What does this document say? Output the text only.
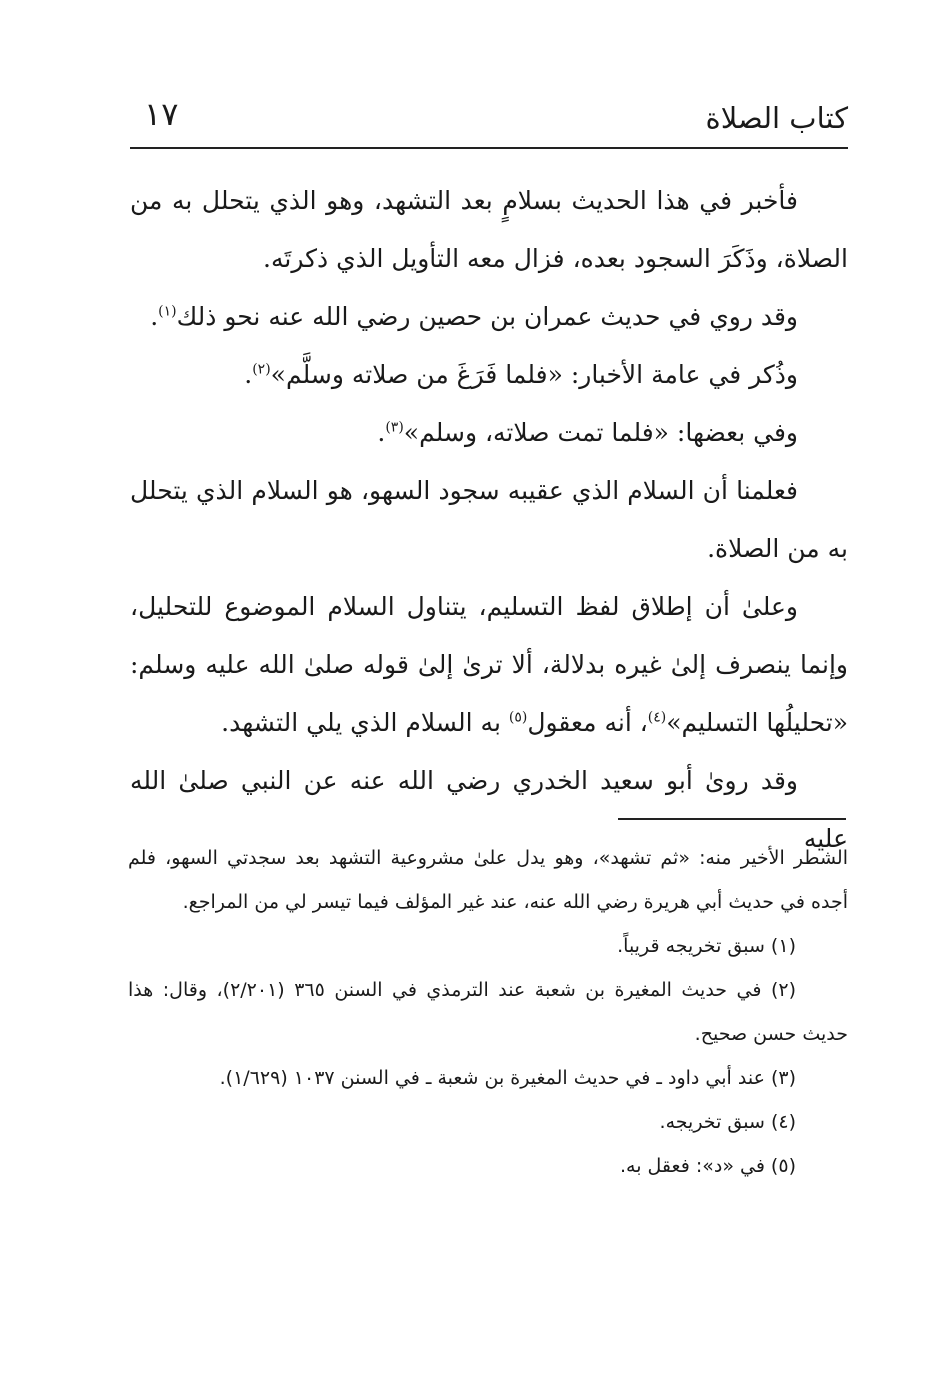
كتاب الصلاة
١٧

فأخبر في هذا الحديث بسلامٍ بعد التشهد، وهو الذي يتحلل به من الصلاة، وذَكَرَ السجود بعده، فزال معه التأويل الذي ذكرتَه.

وقد روي في حديث عمران بن حصين رضي الله عنه نحو ذلك$^{(١)}$.

وذُكر في عامة الأخبار: «فلما فَرَغَ من صلاته وسلَّم»$^{(٢)}$.

وفي بعضها: «فلما تمت صلاته، وسلم»$^{(٣)}$.

فعلمنا أن السلام الذي عقيبه سجود السهو، هو السلام الذي يتحلل به من الصلاة.

وعلىٰ أن إطلاق لفظ التسليم، يتناول السلام الموضوع للتحليل، وإنما ينصرف إلىٰ غيره بدلالة، ألا ترىٰ إلىٰ قوله صلىٰ الله عليه وسلم: «تحليلُها التسليم»$^{(٤)}$، أنه معقول$^{(٥)}$ به السلام الذي يلي التشهد.

وقد روىٰ أبو سعيد الخدري رضي الله عنه عن النبي صلىٰ الله عليه

الشطر الأخير منه: «ثم تشهد»، وهو يدل علىٰ مشروعية التشهد بعد سجدتي السهو، فلم أجده في حديث أبي هريرة رضي الله عنه، عند غير المؤلف فيما تيسر لي من المراجع.

(١) سبق تخريجه قريباً.

(٢) في حديث المغيرة بن شعبة عند الترمذي في السنن ٣٦٥ (٢/٢٠١)، وقال: هذا حديث حسن صحيح.

(٣) عند أبي داود ـ في حديث المغيرة بن شعبة ـ في السنن ١٠٣٧ (١/٦٢٩).

(٤) سبق تخريجه.

(٥) في «د»: فعقل به.
